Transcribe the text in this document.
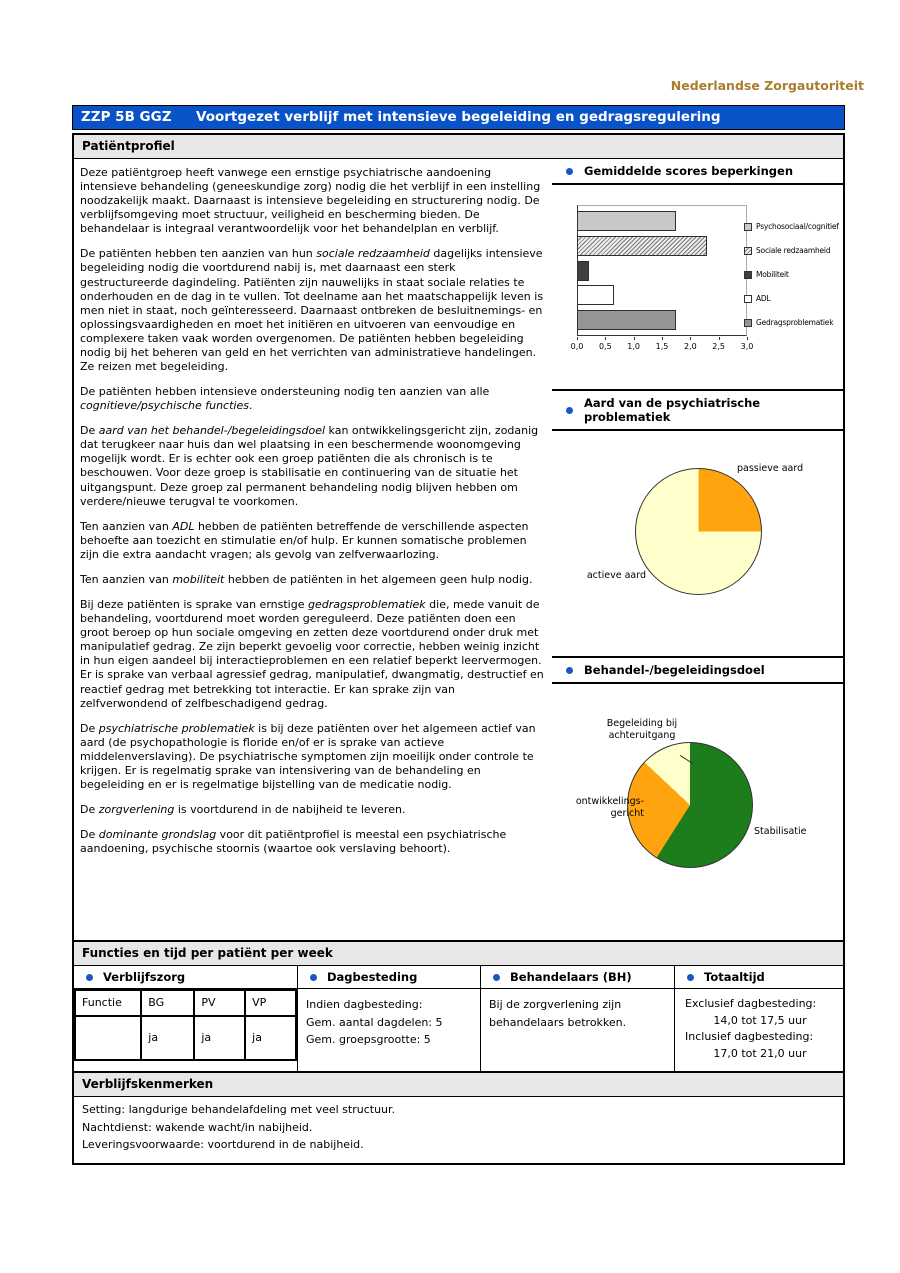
Nederlandse Zorgautoriteit
ZZP 5B GGZ	Voortgezet verblijf met intensieve begeleiding en gedragsregulering
Patiëntprofiel
Deze patiëntgroep heeft vanwege een ernstige psychiatrische aandoening intensieve behandeling (geneeskundige zorg) nodig die het verblijf in een instelling noodzakelijk maakt. Daarnaast is intensieve begeleiding en structurering nodig. De verblijfsomgeving moet structuur, veiligheid en bescherming bieden. De behandelaar is integraal verantwoordelijk voor het behandelplan en verblijf.
De patiënten hebben ten aanzien van hun sociale redzaamheid dagelijks intensieve begeleiding nodig die voortdurend nabij is, met daarnaast een sterk gestructureerde dagindeling. Patiënten zijn nauwelijks in staat sociale relaties te onderhouden en de dag in te vullen. Tot deelname aan het maatschappelijk leven is men niet in staat, noch geïnteresseerd. Daarnaast ontbreken de besluitnemings- en oplossingsvaardigheden en moet het initiëren en uitvoeren van eenvoudige en complexere taken vaak worden overgenomen. De patiënten hebben begeleiding nodig bij het beheren van geld en het verrichten van administratieve handelingen. Ze reizen met begeleiding.
De patiënten hebben intensieve ondersteuning nodig ten aanzien van alle cognitieve/psychische functies.
De aard van het behandel-/begeleidingsdoel kan ontwikkelingsgericht zijn, zodanig dat terugkeer naar huis dan wel plaatsing in een beschermende woonomgeving mogelijk wordt. Er is echter ook een groep patiënten die als chronisch is te beschouwen. Voor deze groep is stabilisatie en continuering van de situatie het uitgangspunt. Deze groep zal permanent behandeling nodig blijven hebben om verdere/nieuwe terugval te voorkomen.
Ten aanzien van ADL hebben de patiënten betreffende de verschillende aspecten behoefte aan toezicht en stimulatie en/of hulp. Er kunnen somatische problemen zijn die extra aandacht vragen; als gevolg van zelfverwaarlozing.
Ten aanzien van mobiliteit hebben de patiënten in het algemeen geen hulp nodig.
Bij deze patiënten is sprake van ernstige gedragsproblematiek die, mede vanuit de behandeling, voortdurend moet worden gereguleerd. Deze patiënten doen een groot beroep op hun sociale omgeving en zetten deze voortdurend onder druk met manipulatief gedrag. Ze zijn beperkt gevoelig voor correctie, hebben weinig inzicht in hun eigen aandeel bij interactieproblemen en een relatief beperkt leervermogen. Er is sprake van verbaal agressief gedrag, manipulatief, dwangmatig, destructief en reactief gedrag met betrekking tot interactie. Er kan sprake zijn van zelfverwondend of zelfbeschadigend gedrag.
De psychiatrische problematiek is bij deze patiënten over het algemeen actief van aard (de psychopathologie is floride en/of er is sprake van actieve middelenverslaving). De psychiatrische symptomen zijn moeilijk onder controle te krijgen. Er is regelmatig sprake van intensivering van de behandeling en begeleiding en er is regelmatige bijstelling van de medicatie nodig.
De zorgverlening is voortdurend in de nabijheid te leveren.
De dominante grondslag voor dit patiëntprofiel is meestal een psychiatrische aandoening, psychische stoornis (waartoe ook verslaving behoort).
Gemiddelde scores beperkingen
0,0 0,5 1,0 1,5 2,0 2,5 3,0
Psychosociaal/cognitief
Sociale redzaamheid
Mobiliteit
ADL
Gedragsproblematiek
Aard van de psychiatrische problematiek
passieve aard
actieve aard
Behandel-/begeleidingsdoel
Begeleiding bij achteruitgang
ontwikkelings-gericht
Stabilisatie
Functies en tijd per patiënt per week
Verblijfszorg
Functie	BG	PV	VP
	ja	ja	ja
Dagbesteding
Indien dagbesteding:
Gem. aantal dagdelen: 5
Gem. groepsgrootte: 5
Behandelaars (BH)
Bij de zorgverlening zijn behandelaars betrokken.
Totaaltijd
Exclusief dagbesteding:
14,0 tot 17,5 uur
Inclusief dagbesteding:
17,0 tot 21,0 uur
Verblijfskenmerken
Setting: langdurige behandelafdeling met veel structuur.
Nachtdienst: wakende wacht/in nabijheid.
Leveringsvoorwaarde: voortdurend in de nabijheid.
